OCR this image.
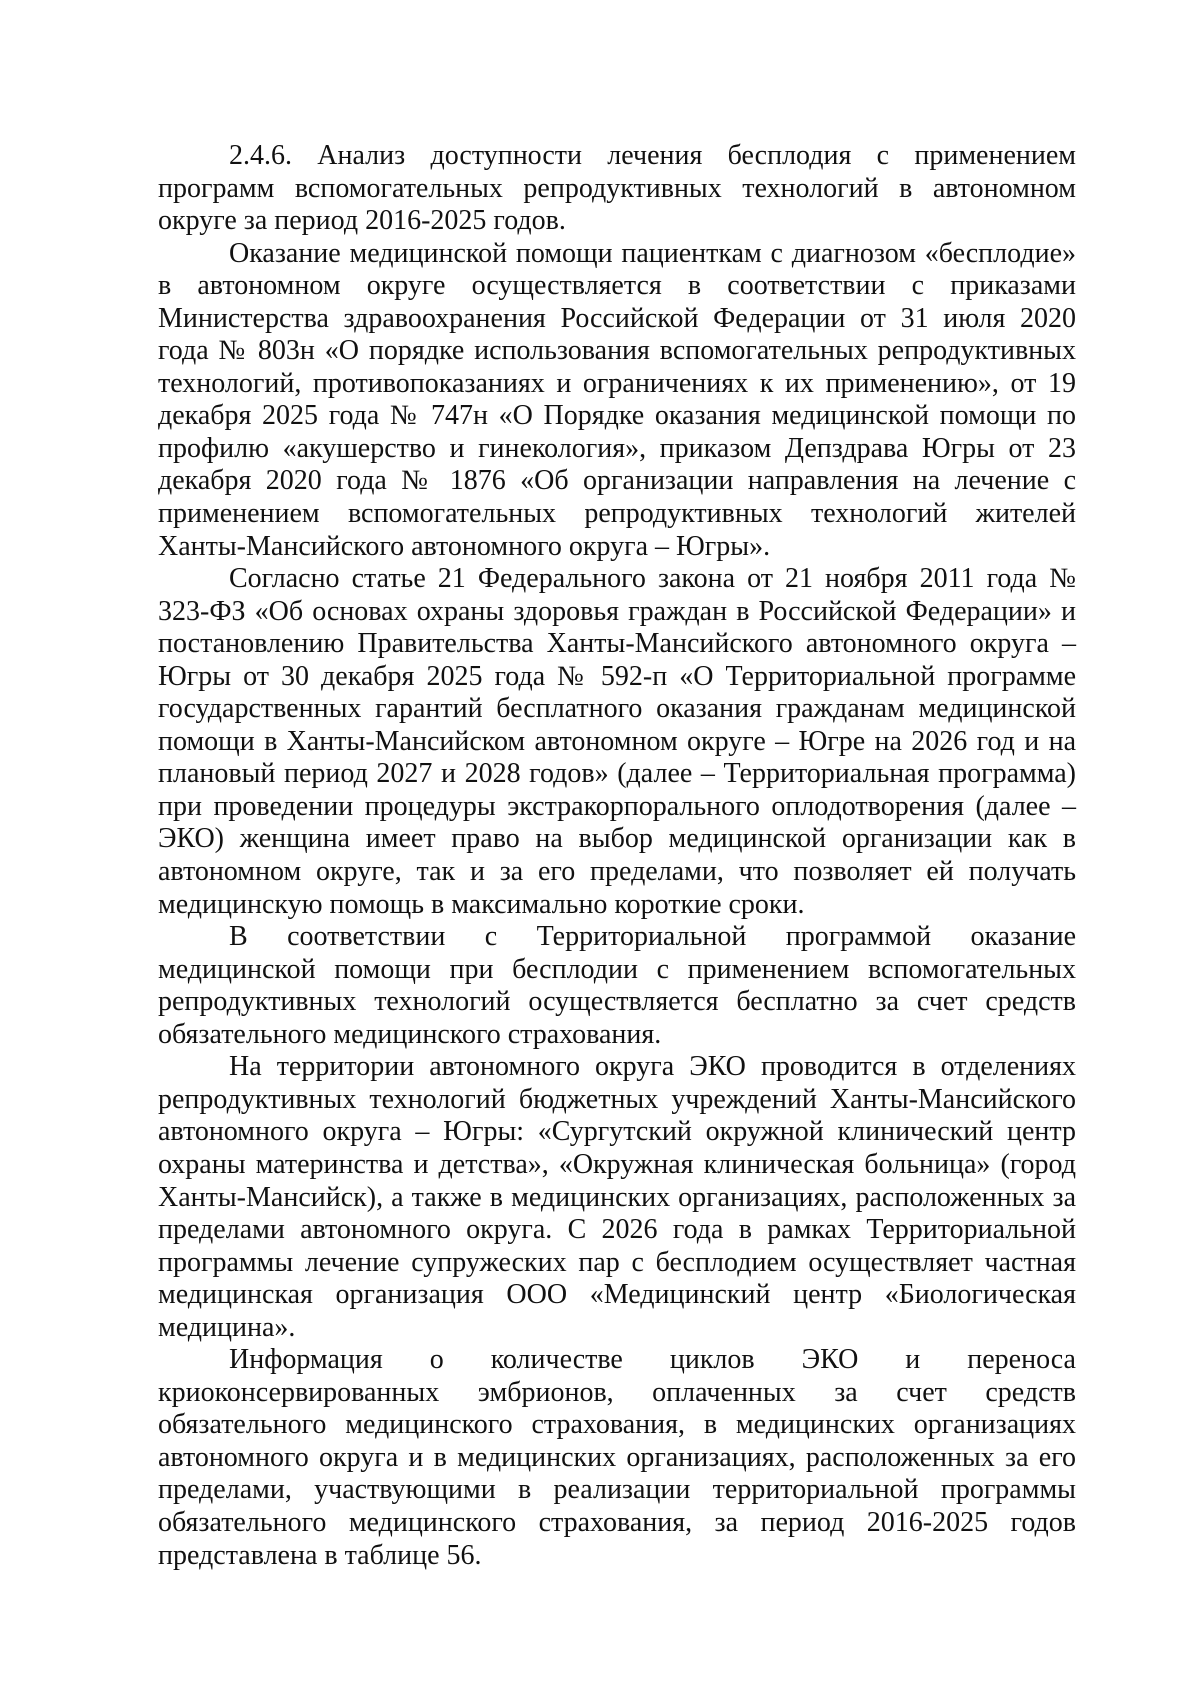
2.4.6. Анализ доступности лечения бесплодия с применением программ вспомогательных репродуктивных технологий в автономном округе за период 2016-2025 годов.

Оказание медицинской помощи пациенткам с диагнозом «бесплодие» в автономном округе осуществляется в соответствии с приказами Министерства здравоохранения Российской Федерации от 31 июля 2020 года № 803н «О порядке использования вспомогательных репродуктивных технологий, противопоказаниях и ограничениях к их применению», от 19 декабря 2025 года № 747н «О Порядке оказания медицинской помощи по профилю «акушерство и гинекология», приказом Депздрава Югры от 23 декабря 2020 года № 1876 «Об организации направления на лечение с применением вспомогательных репродуктивных технологий жителей Ханты-Мансийского автономного округа – Югры».

Согласно статье 21 Федерального закона от 21 ноября 2011 года № 323-ФЗ «Об основах охраны здоровья граждан в Российской Федерации» и постановлению Правительства Ханты-Мансийского автономного округа – Югры от 30 декабря 2025 года № 592-п «О Территориальной программе государственных гарантий бесплатного оказания гражданам медицинской помощи в Ханты-Мансийском автономном округе – Югре на 2026 год и на плановый период 2027 и 2028 годов» (далее – Территориальная программа) при проведении процедуры экстракорпорального оплодотворения (далее – ЭКО) женщина имеет право на выбор медицинской организации как в автономном округе, так и за его пределами, что позволяет ей получать медицинскую помощь в максимально короткие сроки.

В соответствии с Территориальной программой оказание медицинской помощи при бесплодии с применением вспомогательных репродуктивных технологий осуществляется бесплатно за счет средств обязательного медицинского страхования.

На территории автономного округа ЭКО проводится в отделениях репродуктивных технологий бюджетных учреждений Ханты-Мансийского автономного округа – Югры: «Сургутский окружной клинический центр охраны материнства и детства», «Окружная клиническая больница» (город Ханты-Мансийск), а также в медицинских организациях, расположенных за пределами автономного округа. С 2026 года в рамках Территориальной программы лечение супружеских пар с бесплодием осуществляет частная медицинская организация ООО «Медицинский центр «Биологическая медицина».

Информация о количестве циклов ЭКО и переноса криоконсервированных эмбрионов, оплаченных за счет средств обязательного медицинского страхования, в медицинских организациях автономного округа и в медицинских организациях, расположенных за его пределами, участвующими в реализации территориальной программы обязательного медицинского страхования, за период 2016-2025 годов представлена в таблице 56.
